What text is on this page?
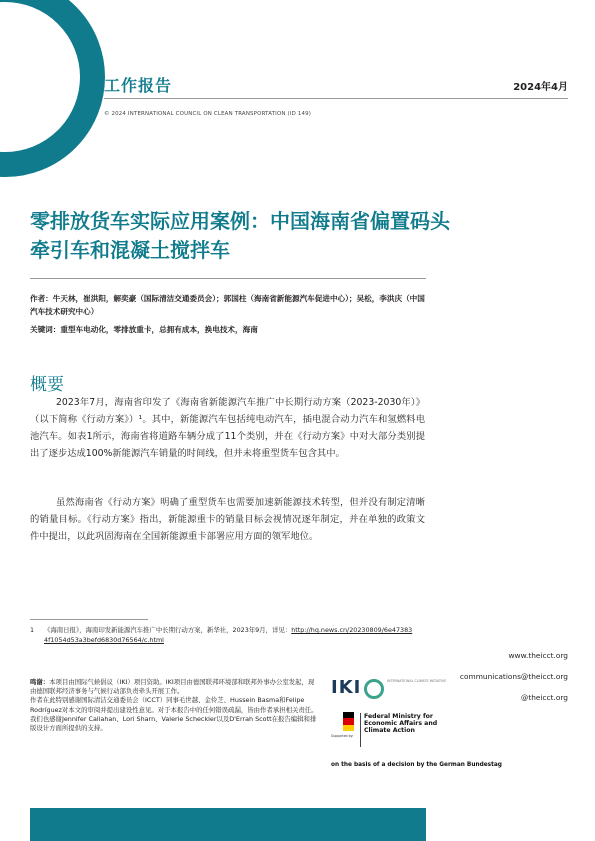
工作报告	2024年4月
© 2024 INTERNATIONAL COUNCIL ON CLEAN TRANSPORTATION (ID 149)
零排放货车实际应用案例：中国海南省偏置码头牵引车和混凝土搅拌车
作者：牛天林，崔洪阳，解奕豪（国际清洁交通委员会）；郭国柱（海南省新能源汽车促进中心）；吴松，李洪庆（中国汽车技术研究中心）
关键词：重型车电动化，零排放重卡，总拥有成本，换电技术，海南
概要
2023年7月，海南省印发了《海南省新能源汽车推广中长期行动方案（2023-2030年）》（以下简称《行动方案》）¹。其中，新能源汽车包括纯电动汽车，插电混合动力汽车和氢燃料电池汽车。如表1所示，海南省将道路车辆分成了11个类别，并在《行动方案》中对大部分类别提出了逐步达成100%新能源汽车销量的时间线，但并未将重型货车包含其中。
虽然海南省《行动方案》明确了重型货车也需要加速新能源技术转型，但并没有制定清晰的销量目标。《行动方案》指出，新能源重卡的销量目标会视情况逐年制定，并在单独的政策文件中提出，以此巩固海南在全国新能源重卡部署应用方面的领军地位。
1 《海南日报》，海南印发新能源汽车推广中长期行动方案，新华社，2023年9月，详见：http://hq.news.cn/20230809/6e47383​4f1054d53a3befd6830d76564/c.html
www.theicct.org
communications@theicct.org
@theicct.org
鸣谢：本项目由国际气候倡议（IKI）项目资助。IKI项目由德国联邦环境部和联邦外事办公室发起，现由德国联邦经济事务与气候行动部负责牵头开展工作。
作者在此特别感谢国际清洁交通委员会（ICCT）同事毛世越、金伶芝、Hussein Basma和Felipe Rodríguez对本文的审阅并提出建设性意见。对于本报告中的任何错误疏漏，皆由作者承担相关责任。我们也感谢Jennifer Callahan、Lori Sharn、Valerie Scheckler以及D'Errah Scott在报告编辑和排版设计方面所提供的支持。
IKI	INTERNATIONAL CLIMATE INITIATIVE
Supported by:
Federal Ministry for Economic Affairs and Climate Action
on the basis of a decision by the German Bundestag
